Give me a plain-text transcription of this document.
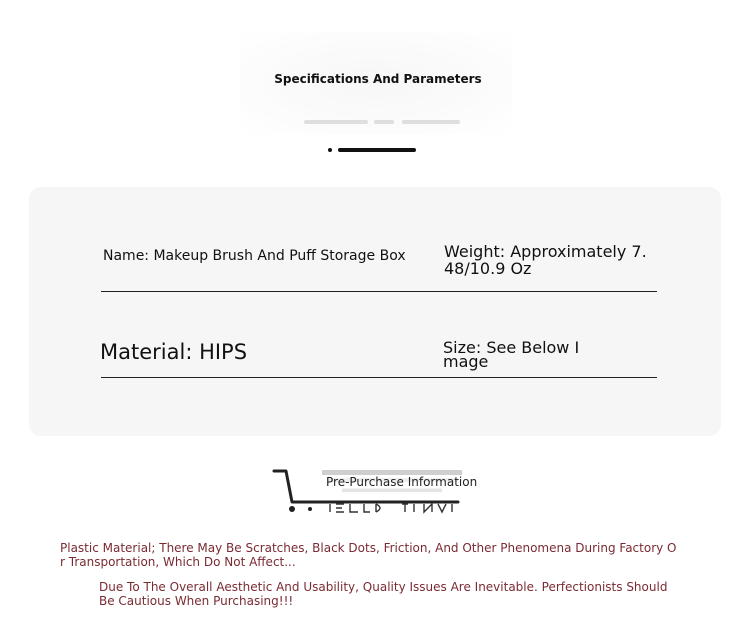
Specifications And Parameters
Name: Makeup Brush And Puff Storage Box Weight: Approximately 7.48/10.9 Oz
Material: HIPS	Size: See Below Image
Pre-Purchase Information
Plastic Material; There May Be Scratches, Black Dots, Friction, And Other Phenomena During Factory Or Transportation, Which Do Not Affect...
Due To The Overall Aesthetic And Usability, Quality Issues Are Inevitable. Perfectionists Should Be Cautious When Purchasing!!!
